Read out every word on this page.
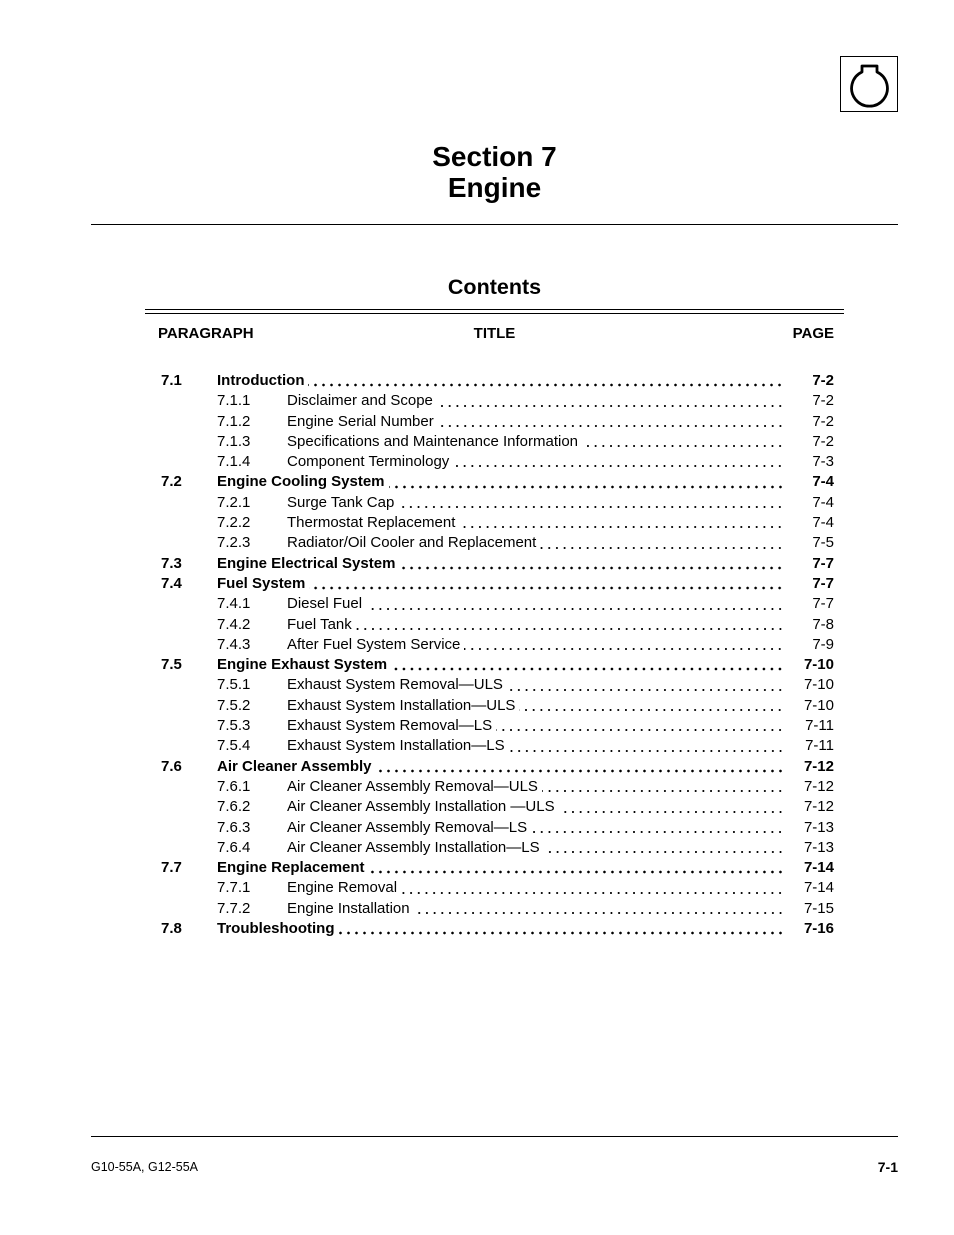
Section 7
Engine
Contents
PARAGRAPH	TITLE	PAGE
7.1 Introduction	7-2
7.1.1 Disclaimer and Scope	7-2
7.1.2 Engine Serial Number	7-2
7.1.3 Specifications and Maintenance Information	7-2
7.1.4 Component Terminology	7-3
7.2 Engine Cooling System	7-4
7.2.1 Surge Tank Cap	7-4
7.2.2 Thermostat Replacement	7-4
7.2.3 Radiator/Oil Cooler and Replacement	7-5
7.3 Engine Electrical System	7-7
7.4 Fuel System	7-7
7.4.1 Diesel Fuel	7-7
7.4.2 Fuel Tank	7-8
7.4.3 After Fuel System Service	7-9
7.5 Engine Exhaust System	7-10
7.5.1 Exhaust System Removal—ULS	7-10
7.5.2 Exhaust System Installation—ULS	7-10
7.5.3 Exhaust System Removal—LS	7-11
7.5.4 Exhaust System Installation—LS	7-11
7.6 Air Cleaner Assembly	7-12
7.6.1 Air Cleaner Assembly Removal—ULS	7-12
7.6.2 Air Cleaner Assembly Installation —ULS	7-12
7.6.3 Air Cleaner Assembly Removal—LS	7-13
7.6.4 Air Cleaner Assembly Installation—LS	7-13
7.7 Engine Replacement	7-14
7.7.1 Engine Removal	7-14
7.7.2 Engine Installation	7-15
7.8 Troubleshooting	7-16
G10-55A, G12-55A	7-1
